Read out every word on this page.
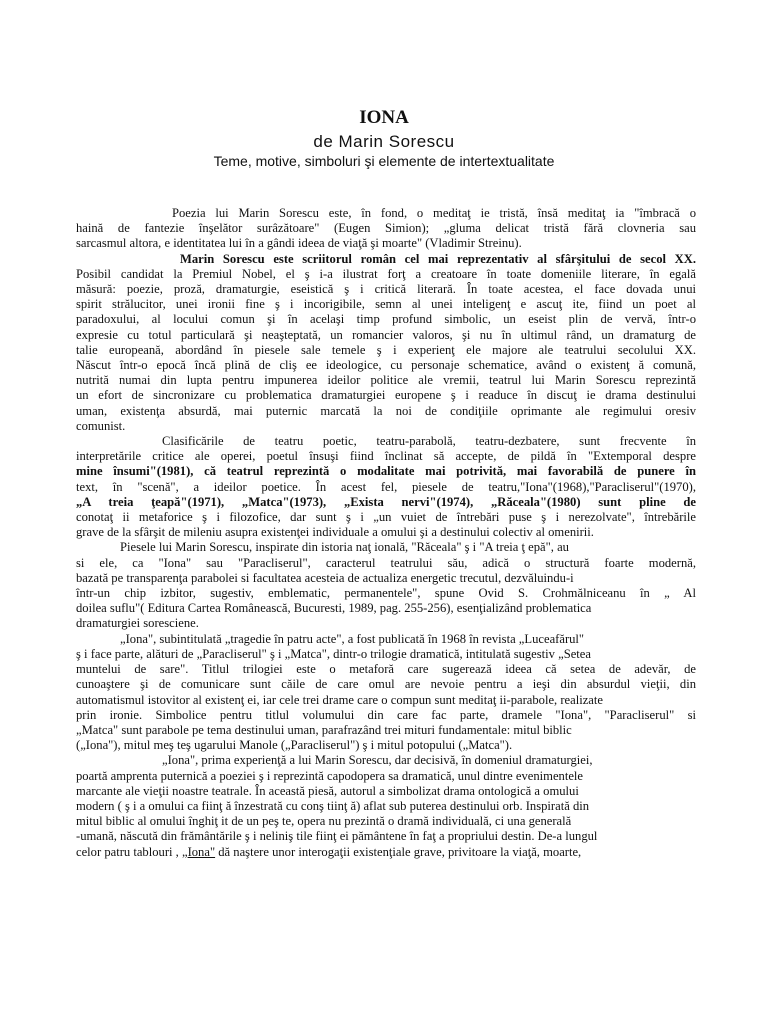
IONA
de Marin Sorescu
Teme, motive, simboluri şi elemente de intertextualitate
Poezia lui Marin Sorescu este, în fond, o meditaţ ie tristă, însă meditaţ ia "îmbracă o
haină de fantezie înşelător surâzătoare" (Eugen Simion); „gluma delicat tristă fără clovneria sau
sarcasmul altora, e identitatea lui în a gândi ideea de viaţă şi moarte" (Vladimir Streinu).
Marin Sorescu este scriitorul român cel mai reprezentativ al sfârşitului de secol XX.
Posibil candidat la Premiul Nobel, el ş i-a ilustrat forţ a creatoare în toate domeniile literare, în egală
măsură: poezie, proză, dramaturgie, eseistică ş i critică literară. În toate acestea, el face dovada unui
spirit strălucitor, unei ironii fine ş i incorigibile, semn al unei inteligenţ e ascuţ ite, fiind un poet al
paradoxului, al locului comun şi în acelaşi timp profund simbolic, un eseist plin de vervă, într-o
expresie cu totul particulară şi neaşteptată, un romancier valoros, şi nu în ultimul rând, un dramaturg de
talie europeană, abordând în piesele sale temele ş i experienţ ele majore ale teatrului secolului XX.
Născut într-o epocă încă plină de cliş ee ideologice, cu personaje schematice, având o existenţ ă comună,
nutrită numai din lupta pentru impunerea ideilor politice ale vremii, teatrul lui Marin Sorescu reprezintă
un efort de sincronizare cu problematica dramaturgiei europene ş i readuce în discuţ ie drama destinului
uman, existenţa absurdă, mai puternic marcată la noi de condiţiile oprimante ale regimului oresiv
comunist.
Clasificările de teatru poetic, teatru-parabolă, teatru-dezbatere, sunt frecvente în
interpretările critice ale operei, poetul însuşi fiind înclinat să accepte, de pildă în "Extemporal despre
mine însumi"(1981), că teatrul reprezintă o modalitate mai potrivită, mai favorabilă de punere în
text, în "scenă", a ideilor poetice. În acest fel, piesele de teatru,"Iona"(1968),"Paracliserul"(1970),
„A treia ţeapă"(1971), „Matca"(1973), „Exista nervi"(1974), „Răceala"(1980) sunt pline de
conotaţ ii metaforice ş i filozofice, dar sunt ş i „un vuiet de întrebări puse ş i nerezolvate", întrebările
grave de la sfârşit de mileniu asupra existenţei individuale a omului şi a destinului colectiv al omenirii.
Piesele lui Marin Sorescu, inspirate din istoria naţ ională, "Răceala" ş i "A treia ţ epă", au
si ele, ca "Iona" sau "Paracliserul", caracterul teatrului său, adică o structură foarte modernă,
bazată pe transparenţa parabolei si facultatea acesteia de actualiza energetic trecutul, dezvăluindu-i
într-un chip izbitor, sugestiv, emblematic, permanentele", spune Ovid S. Crohmălniceanu în „ Al
doilea suflu"( Editura Cartea Românească, Bucuresti, 1989, pag. 255-256), esenţializând problematica
dramaturgiei soresciene.
„Iona", subintitulată „tragedie în patru acte", a fost publicată în 1968 în revista „Luceafărul"
ş i face parte, alături de „Paracliserul" ş i „Matca", dintr-o trilogie dramatică, intitulată sugestiv „Setea
muntelui de sare". Titlul trilogiei este o metaforă care sugerează ideea că setea de adevăr, de
cunoaştere şi de comunicare sunt căile de care omul are nevoie pentru a ieşi din absurdul vieţii, din
automatismul istovitor al existenţ ei, iar cele trei drame care o compun sunt meditaţ ii-parabole, realizate
prin ironie. Simbolice pentru titlul volumului din care fac parte, dramele "Iona", "Paracliserul" si
„Matca" sunt parabole pe tema destinului uman, parafrazând trei mituri fundamentale: mitul biblic
(„Iona"), mitul meş teş ugarului Manole („Paracliserul") ş i mitul potopului („Matca").
„Iona", prima experienţă a lui Marin Sorescu, dar decisivă, în domeniul dramaturgiei,
poartă amprenta puternică a poeziei ş i reprezintă capodopera sa dramatică, unul dintre evenimentele
marcante ale vieţii noastre teatrale. În această piesă, autorul a simbolizat drama ontologică a omului
modern ( ş i a omului ca fiinţ ă înzestrată cu conş tiinţ ă) aflat sub puterea destinului orb. Inspirată din
mitul biblic al omului înghiţ it de un peş te, opera nu prezintă o dramă individuală, ci una generală
-umană, născută din frământările ş i neliniş tile fiinţ ei pământene în faţ a propriului destin. De-a lungul
celor patru tablouri , „Iona" dă naştere unor interogaţii existenţiale grave, privitoare la viaţă, moarte,
